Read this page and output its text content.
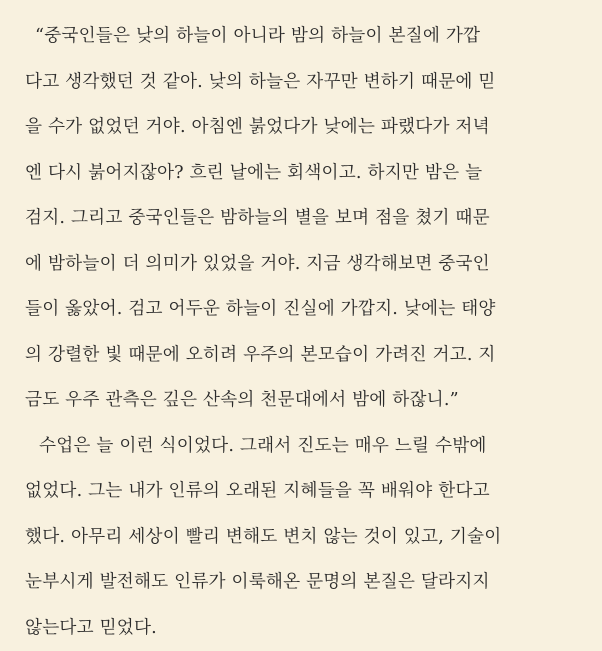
“중국인들은 낮의 하늘이 아니라 밤의 하늘이 본질에 가깝
다고 생각했던 것 같아. 낮의 하늘은 자꾸만 변하기 때문에 믿
을 수가 없었던 거야. 아침엔 붉었다가 낮에는 파랬다가 저녁
엔 다시 붉어지잖아? 흐린 날에는 회색이고. 하지만 밤은 늘
검지. 그리고 중국인들은 밤하늘의 별을 보며 점을 쳤기 때문
에 밤하늘이 더 의미가 있었을 거야. 지금 생각해보면 중국인
들이 옳았어. 검고 어두운 하늘이 진실에 가깝지. 낮에는 태양
의 강렬한 빛 때문에 오히려 우주의 본모습이 가려진 거고. 지
금도 우주 관측은 깊은 산속의 천문대에서 밤에 하잖니.”
수업은 늘 이런 식이었다. 그래서 진도는 매우 느릴 수밖에
없었다. 그는 내가 인류의 오래된 지혜들을 꼭 배워야 한다고
했다. 아무리 세상이 빨리 변해도 변치 않는 것이 있고, 기술이
눈부시게 발전해도 인류가 이룩해온 문명의 본질은 달라지지
않는다고 믿었다.
